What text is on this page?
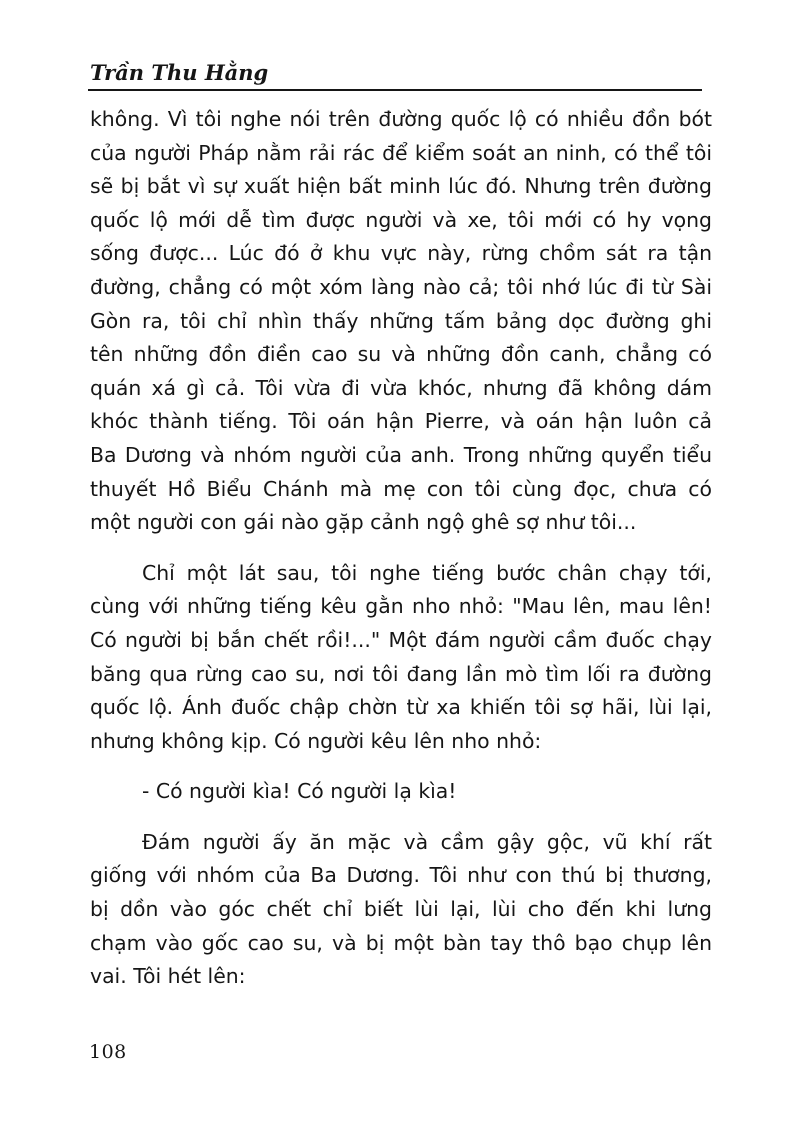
Trần Thu Hằng

không. Vì tôi nghe nói trên đường quốc lộ có nhiều đồn bót
của người Pháp nằm rải rác để kiểm soát an ninh, có thể tôi
sẽ bị bắt vì sự xuất hiện bất minh lúc đó. Nhưng trên đường
quốc lộ mới dễ tìm được người và xe, tôi mới có hy vọng
sống được... Lúc đó ở khu vực này, rừng chồm sát ra tận
đường, chẳng có một xóm làng nào cả; tôi nhớ lúc đi từ Sài
Gòn ra, tôi chỉ nhìn thấy những tấm bảng dọc đường ghi
tên những đồn điền cao su và những đồn canh, chẳng có
quán xá gì cả. Tôi vừa đi vừa khóc, nhưng đã không dám
khóc thành tiếng. Tôi oán hận Pierre, và oán hận luôn cả
Ba Dương và nhóm người của anh. Trong những quyển tiểu
thuyết Hồ Biểu Chánh mà mẹ con tôi cùng đọc, chưa có
một người con gái nào gặp cảnh ngộ ghê sợ như tôi...

Chỉ một lát sau, tôi nghe tiếng bước chân chạy tới,
cùng với những tiếng kêu gằn nho nhỏ: "Mau lên, mau lên!
Có người bị bắn chết rồi!..." Một đám người cầm đuốc chạy
băng qua rừng cao su, nơi tôi đang lần mò tìm lối ra đường
quốc lộ. Ánh đuốc chập chờn từ xa khiến tôi sợ hãi, lùi lại,
nhưng không kịp. Có người kêu lên nho nhỏ:

- Có người kìa! Có người lạ kìa!

Đám người ấy ăn mặc và cầm gậy gộc, vũ khí rất
giống với nhóm của Ba Dương. Tôi như con thú bị thương,
bị dồn vào góc chết chỉ biết lùi lại, lùi cho đến khi lưng
chạm vào gốc cao su, và bị một bàn tay thô bạo chụp lên
vai. Tôi hét lên:

108
